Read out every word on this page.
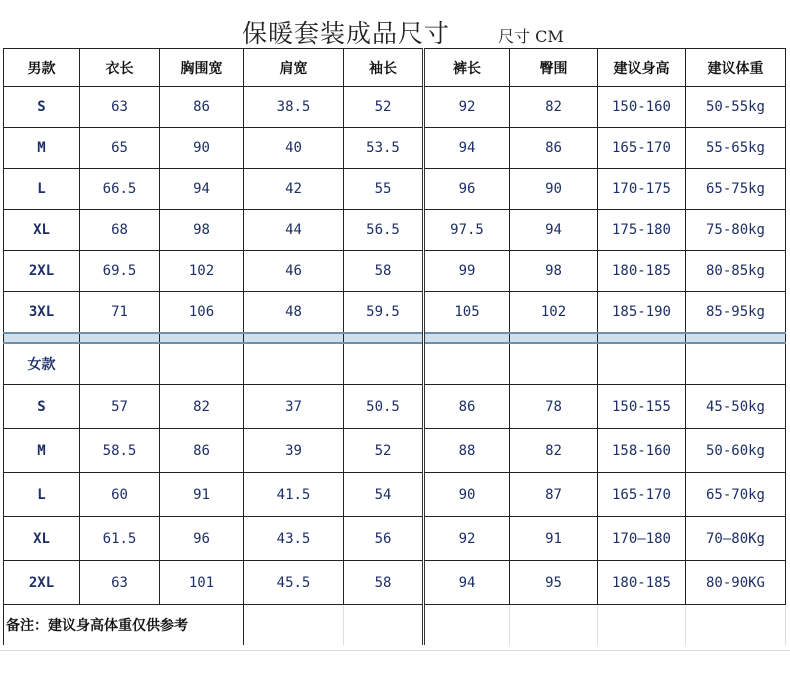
保暖套装成品尺寸	尺寸 CM
男款	衣长	胸围宽	肩宽	袖长	裤长	臀围	建议身高	建议体重
S	63	86	38.5	52	92	82	150-160	50-55kg
M	65	90	40	53.5	94	86	165-170	55-65kg
L	66.5	94	42	55	96	90	170-175	65-75kg
XL	68	98	44	56.5	97.5	94	175-180	75-80kg
2XL	69.5	102	46	58	99	98	180-185	80-85kg
3XL	71	106	48	59.5	105	102	185-190	85-95kg

女款								
S	57	82	37	50.5	86	78	150-155	45-50kg
M	58.5	86	39	52	88	82	158-160	50-60kg
L	60	91	41.5	54	90	87	165-170	65-70kg
XL	61.5	96	43.5	56	92	91	170—180	70—80Kg
2XL	63	101	45.5	58	94	95	180-185	80-90KG
备注：建议身高体重仅供参考								
